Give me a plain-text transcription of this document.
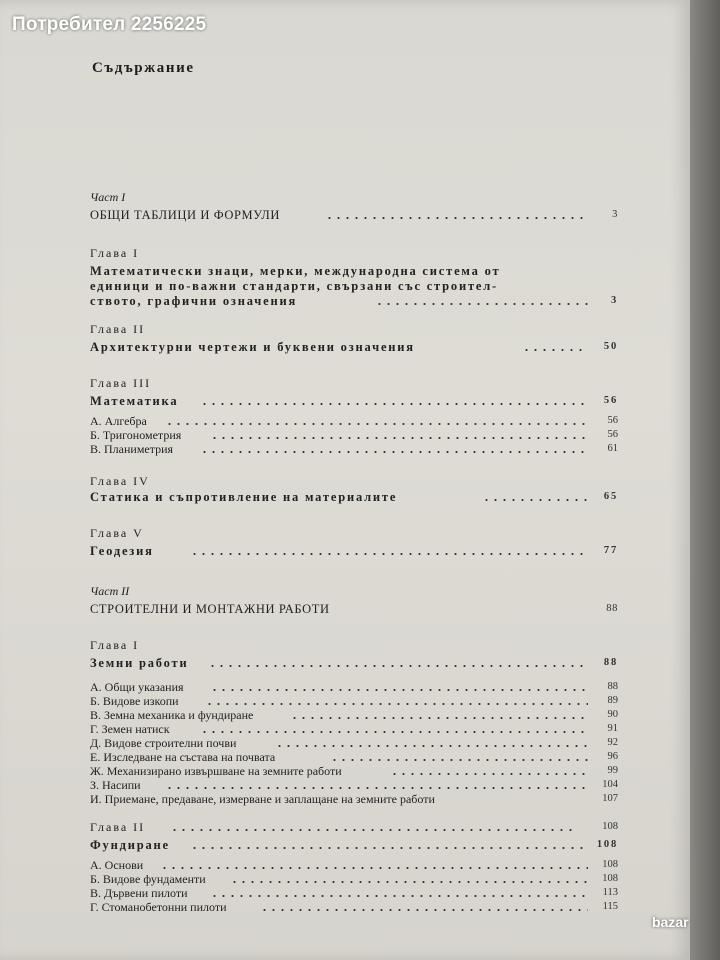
Съдържание
Част I
ОБЩИ ТАБЛИЦИ И ФОРМУЛИ	3
Глава I
Математически знаци, мерки, международна система от
единици и по-важни стандарти, свързани със строител-
ството, графични означения	3
Глава II
Архитектурни чертежи и буквени означения	50
Глава III
Математика	56
А. Алгебра	56
Б. Тригонометрия	56
В. Планиметрия	61
Глава IV
Статика и съпротивление на материалите	65
Глава V
Геодезия	77
Част II
СТРОИТЕЛНИ И МОНТАЖНИ РАБОТИ	88
Глава I
Земни работи	88
А. Общи указания	88
Б. Видове изкопи	89
В. Земна механика и фундиране	90
Г. Земен натиск	91
Д. Видове строителни почви	92
Е. Изследване на състава на почвата	96
Ж. Механизирано извършване на земните работи	99
З. Насипи	104
И. Приемане, предаване, измерване и заплащане на земните работи	107
Глава II	108
Фундиране	108
А. Основи	108
Б. Видове фундаменти	108
В. Дървени пилоти	113
Г. Стоманобетонни пилоти	115
Потребител 2256225
bazar
